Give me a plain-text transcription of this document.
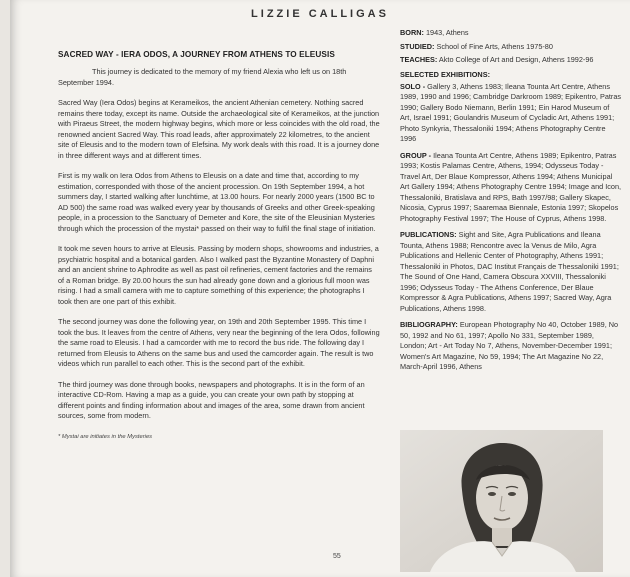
LIZZIE CALLIGAS
SACRED WAY - IERA ODOS, A JOURNEY FROM ATHENS TO ELEUSIS

This journey is dedicated to the memory of my friend Alexia who left us on 18th September 1994.

Sacred Way (Iera Odos) begins at Kerameikos, the ancient Athenian cemetery. Nothing sacred remains there today, except its name. Outside the archaeological site of Kerameikos, at the junction with Piraeus Street, the modern highway begins, which more or less coincides with the old road, the renowned ancient Sacred Way. This road leads, after approximately 22 kilometres, to the ancient site of Eleusis and to the modern town of Elefsina. My work deals with this road. It is a journey done in three different ways and at different times.

First is my walk on Iera Odos from Athens to Eleusis on a date and time that, according to my estimation, corresponded with those of the ancient procession. On 19th September 1994, a hot summers day, I started walking after lunchtime, at 13.00 hours. For nearly 2000 years (1500 BC to AD 500) the same road was walked every year by thousands of Greeks and other Greek-speaking people, in a procession to the Sanctuary of Demeter and Kore, the site of the Eleusinian Mysteries through which the procession of the mystai* passed on their way to fulfil the final stage of initiation.

It took me seven hours to arrive at Eleusis. Passing by modern shops, showrooms and industries, a psychiatric hospital and a botanical garden. Also I walked past the Byzantine Monastery of Daphni and an ancient shrine to Aphrodite as well as past oil refineries, cement factories and the remains of a Roman bridge. By 20.00 hours the sun had already gone down and a glorious full moon was rising. I had a small camera with me to capture something of this experience; the photographs I took then are one part of this exhibit.

The second journey was done the following year, on 19th and 20th September 1995. This time I took the bus. It leaves from the centre of Athens, very near the beginning of the Iera Odos, following the same road to Eleusis. I had a camcorder with me to record the bus ride. The following day I returned from Eleusis to Athens on the same bus and used the camcorder again. The result is two videos which run parallel to each other. This is the second part of the exhibit.

The third journey was done through books, newspapers and photographs. It is in the form of an interactive CD-Rom. Having a map as a guide, you can create your own path by stopping at different points and finding information about and images of the area, some drawn from ancient sources, some from modern.

* Mystai are initiates in the Mysteries

BORN: 1943, Athens

STUDIED: School of Fine Arts, Athens 1975-80

TEACHES: Akto College of Art and Design, Athens 1992-96

SELECTED EXHIBITIONS:

SOLO - Gallery 3, Athens 1983; Ileana Tounta Art Centre, Athens 1989, 1990 and 1996; Cambridge Darkroom 1989; Epikentro, Patras 1990; Gallery Bodo Niemann, Berlin 1991; Ein Harod Museum of Art, Israel 1991; Goulandris Museum of Cycladic Art, Athens 1991; Photo Synkyria, Thessaloniki 1994; Athens Photography Centre 1996

GROUP - Ileana Tounta Art Centre, Athens 1989; Epikentro, Patras 1993; Kostis Palamas Centre, Athens, 1994; Odysseus Today - Travel Art, Der Blaue Kompressor, Athens 1994; Athens Municipal Art Gallery 1994; Athens Photography Centre 1994; Image and Icon, Thessaloniki, Bratislava and RPS, Bath 1997/98; Gallery Skapec, Nicosia, Cyprus 1997; Saaremaa Biennale, Estonia 1997; Skopelos Photography Festival 1997; The House of Cyprus, Athens 1998.

PUBLICATIONS: Sight and Site, Agra Publications and Ileana Tounta, Athens 1988; Rencontre avec la Venus de Milo, Agra Publications and Hellenic Center of Photography, Athens 1991; Thessaloniki in Photos, DAC Institut Français de Thessaloniki 1991; The Sound of One Hand, Camera Obscura XXVIII, Thessaloniki 1996; Odysseus Today - The Athens Conference, Der Blaue Kompressor & Agra Publications, Athens 1997; Sacred Way, Agra Publications, Athens 1998.

BIBLIOGRAPHY: European Photography No 40, October 1989, No 50, 1992 and No 61, 1997; Apollo No 331, September 1989, London; Art - Art Today No 7, Athens, November-December 1991; Women's Art Magazine, No 59, 1994; The Art Magazine No 22, March-April 1996, Athens

55
